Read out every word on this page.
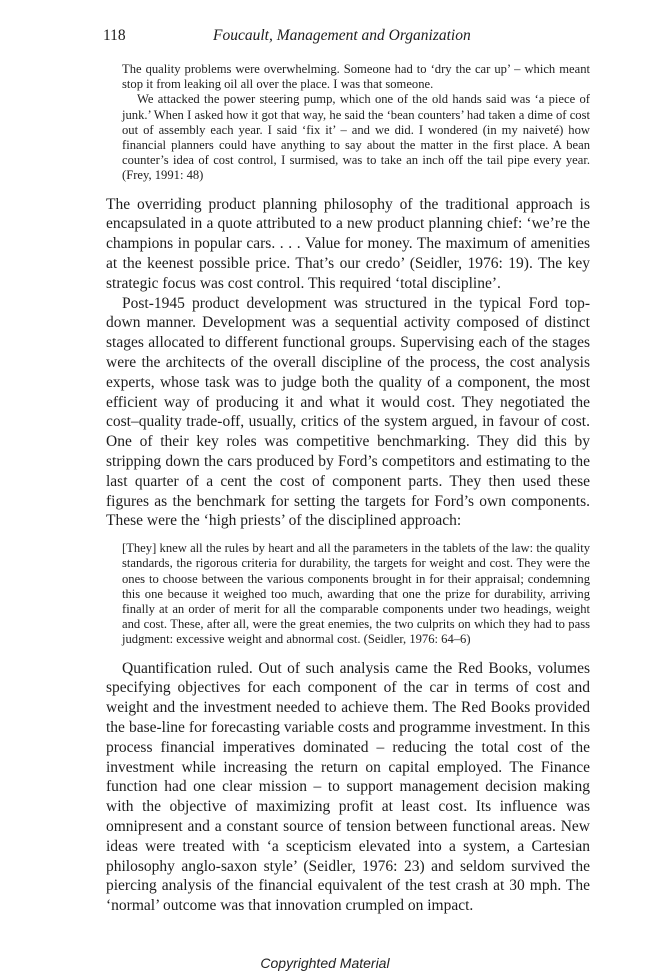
118	Foucault, Management and Organization

The quality problems were overwhelming. Someone had to ‘dry the car up’ – which meant stop it from leaking oil all over the place. I was that someone.

We attacked the power steering pump, which one of the old hands said was ‘a piece of junk.’ When I asked how it got that way, he said the ‘bean counters’ had taken a dime of cost out of assembly each year. I said ‘fix it’ – and we did. I wondered (in my naiveté) how financial planners could have anything to say about the matter in the first place. A bean counter’s idea of cost control, I surmised, was to take an inch off the tail pipe every year. (Frey, 1991: 48)

The overriding product planning philosophy of the traditional approach is encapsulated in a quote attributed to a new product planning chief: ‘we’re the champions in popular cars. . . . Value for money. The maximum of amenities at the keenest possible price. That’s our credo’ (Seidler, 1976: 19). The key strategic focus was cost control. This required ‘total discipline’.

Post-1945 product development was structured in the typical Ford top-down manner. Development was a sequential activity composed of distinct stages allocated to different functional groups. Supervising each of the stages were the architects of the overall discipline of the process, the cost analysis experts, whose task was to judge both the quality of a component, the most efficient way of producing it and what it would cost. They negotiated the cost–quality trade-off, usually, critics of the system argued, in favour of cost. One of their key roles was competitive benchmarking. They did this by stripping down the cars produced by Ford’s competitors and estimating to the last quarter of a cent the cost of component parts. They then used these figures as the benchmark for setting the targets for Ford’s own components. These were the ‘high priests’ of the disciplined approach:

[They] knew all the rules by heart and all the parameters in the tablets of the law: the quality standards, the rigorous criteria for durability, the targets for weight and cost. They were the ones to choose between the various components brought in for their appraisal; condemning this one because it weighed too much, awarding that one the prize for durability, arriving finally at an order of merit for all the comparable components under two headings, weight and cost. These, after all, were the great enemies, the two culprits on which they had to pass judgment: excessive weight and abnormal cost. (Seidler, 1976: 64–6)

Quantification ruled. Out of such analysis came the Red Books, volumes specifying objectives for each component of the car in terms of cost and weight and the investment needed to achieve them. The Red Books provided the base-line for forecasting variable costs and programme investment. In this process financial imperatives dominated – reducing the total cost of the investment while increasing the return on capital employed. The Finance function had one clear mission – to support management decision making with the objective of maximizing profit at least cost. Its influence was omnipresent and a constant source of tension between functional areas. New ideas were treated with ‘a scepticism elevated into a system, a Cartesian philosophy anglo-saxon style’ (Seidler, 1976: 23) and seldom survived the piercing analysis of the financial equivalent of the test crash at 30 mph. The ‘normal’ outcome was that innovation crumpled on impact.

Copyrighted Material
